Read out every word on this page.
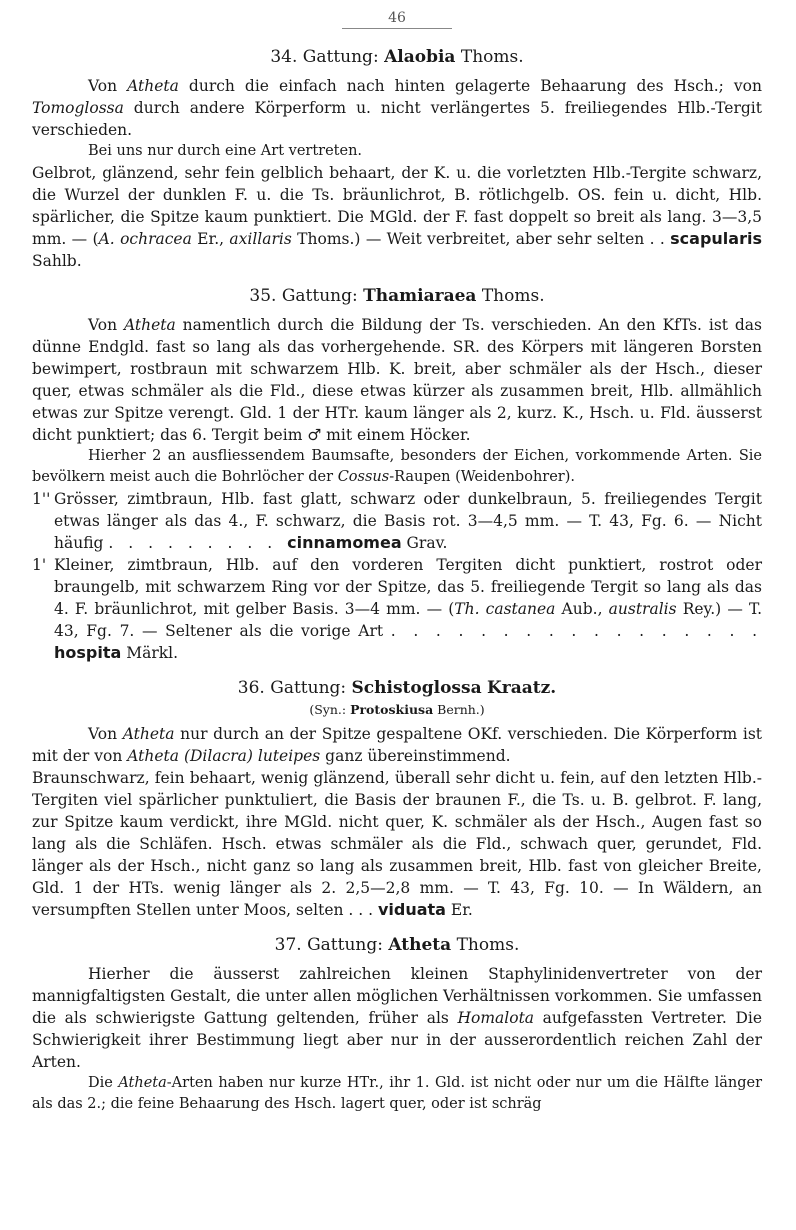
46
34. Gattung: Alaobia Thoms.

Von Atheta durch die einfach nach hinten gelagerte Behaarung des Hsch.; von Tomoglossa durch andere Körperform u. nicht verlängertes 5. freiliegendes Hlb.-Tergit verschieden.

Bei uns nur durch eine Art vertreten.

Gelbrot, glänzend, sehr fein gelblich behaart, der K. u. die vorletzten Hlb.-Tergite schwarz, die Wurzel der dunklen F. u. die Ts. bräunlichrot, B. rötlichgelb. OS. fein u. dicht, Hlb. spärlicher, die Spitze kaum punktiert. Die MGld. der F. fast doppelt so breit als lang. 3—3,5 mm. — (A. ochracea Er., axillaris Thoms.) — Weit verbreitet, aber sehr selten . . scapularis Sahlb.

35. Gattung: Thamiaraea Thoms.

Von Atheta namentlich durch die Bildung der Ts. verschieden. An den KfTs. ist das dünne Endgld. fast so lang als das vorhergehende. SR. des Körpers mit längeren Borsten bewimpert, rostbraun mit schwarzem Hlb. K. breit, aber schmäler als der Hsch., dieser quer, etwas schmäler als die Fld., diese etwas kürzer als zusammen breit, Hlb. allmählich etwas zur Spitze verengt. Gld. 1 der HTr. kaum länger als 2, kurz. K., Hsch. u. Fld. äusserst dicht punktiert; das 6. Tergit beim ♂ mit einem Höcker.

Hierher 2 an ausfliessendem Baumsafte, besonders der Eichen, vorkommende Arten. Sie bevölkern meist auch die Bohrlöcher der Cossus-Raupen (Weidenbohrer).

1'' Grösser, zimtbraun, Hlb. fast glatt, schwarz oder dunkelbraun, 5. freiliegendes Tergit etwas länger als das 4., F. schwarz, die Basis rot. 3—4,5 mm. — T. 43, Fg. 6. — Nicht häufig . . . . . . . . . cinnamomea Grav.
1' Kleiner, zimtbraun, Hlb. auf den vorderen Tergiten dicht punktiert, rostrot oder braungelb, mit schwarzem Ring vor der Spitze, das 5. freiliegende Tergit so lang als das 4. F. bräunlichrot, mit gelber Basis. 3—4 mm. — (Th. castanea Aub., australis Rey.) — T. 43, Fg. 7. — Seltener als die vorige Art . . . . . . . . . . . . . . . . . hospita Märkl.
36. Gattung: Schistoglossa Kraatz.
(Syn.: Protoskiusa Bernh.)

Von Atheta nur durch an der Spitze gespaltene OKf. verschieden. Die Körperform ist mit der von Atheta (Dilacra) luteipes ganz übereinstimmend.

Braunschwarz, fein behaart, wenig glänzend, überall sehr dicht u. fein, auf den letzten Hlb.-Tergiten viel spärlicher punktuliert, die Basis der braunen F., die Ts. u. B. gelbrot. F. lang, zur Spitze kaum verdickt, ihre MGld. nicht quer, K. schmäler als der Hsch., Augen fast so lang als die Schläfen. Hsch. etwas schmäler als die Fld., schwach quer, gerundet, Fld. länger als der Hsch., nicht ganz so lang als zusammen breit, Hlb. fast von gleicher Breite, Gld. 1 der HTs. wenig länger als 2. 2,5—2,8 mm. — T. 43, Fg. 10. — In Wäldern, an versumpften Stellen unter Moos, selten . . . viduata Er.

37. Gattung: Atheta Thoms.

Hierher die äusserst zahlreichen kleinen Staphylinidenvertreter von der mannigfaltigsten Gestalt, die unter allen möglichen Verhältnissen vorkommen. Sie umfassen die als schwierigste Gattung geltenden, früher als Homalota aufgefassten Vertreter. Die Schwierigkeit ihrer Bestimmung liegt aber nur in der ausserordentlich reichen Zahl der Arten.

Die Atheta-Arten haben nur kurze HTr., ihr 1. Gld. ist nicht oder nur um die Hälfte länger als das 2.; die feine Behaarung des Hsch. lagert quer, oder ist schräg
